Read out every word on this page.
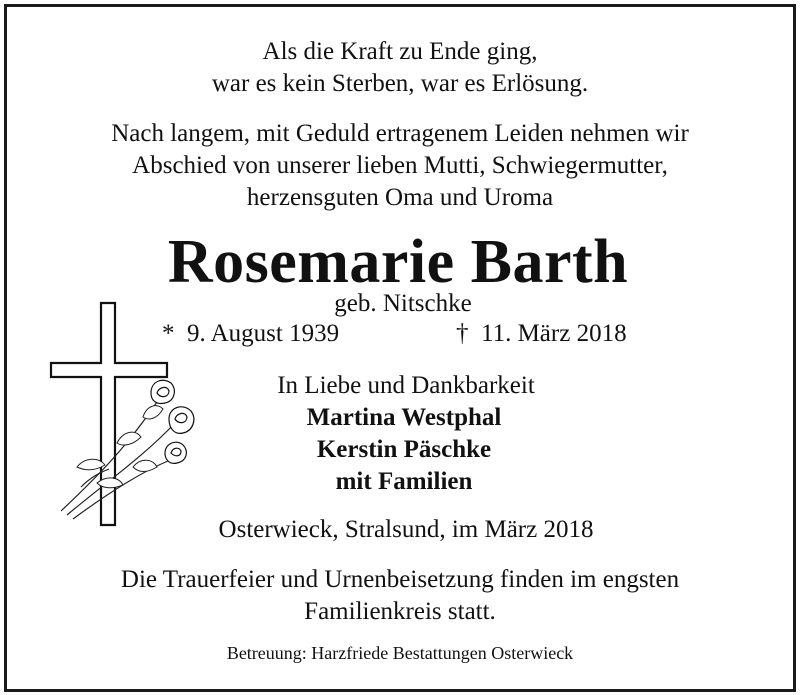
Als die Kraft zu Ende ging,
war es kein Sterben, war es Erlösung.
Nach langem, mit Geduld ertragenem Leiden nehmen wir
Abschied von unserer lieben Mutti, Schwiegermutter,
herzensguten Oma und Uroma
Rosemarie Barth
geb. Nitschke
* 9. August 1939	† 11. März 2018
In Liebe und Dankbarkeit
Martina Westphal
Kerstin Päschke
mit Familien
Osterwieck, Stralsund, im März 2018
Die Trauerfeier und Urnenbeisetzung finden im engsten
Familienkreis statt.
Betreuung: Harzfriede Bestattungen Osterwieck
